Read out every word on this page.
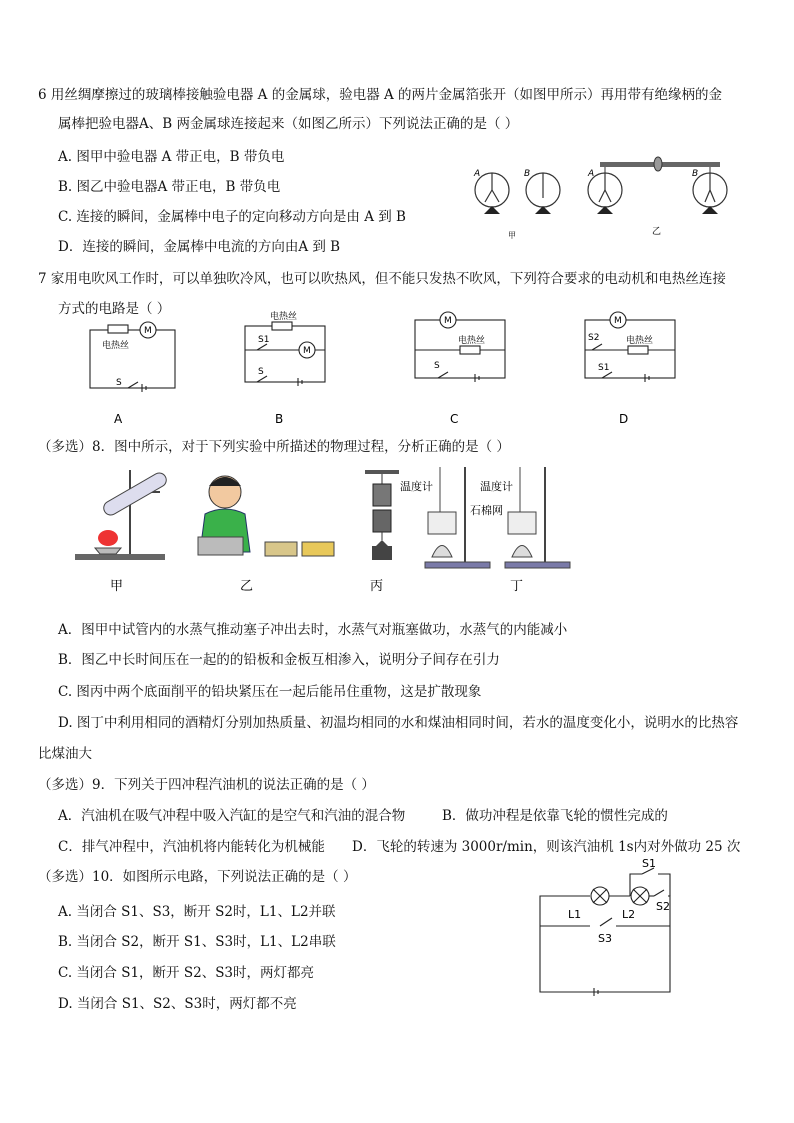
6 用丝绸摩擦过的玻璃棒接触验电器 A 的金属球，验电器 A 的两片金属箔张开（如图甲所示）再用带有绝缘柄的金
属棒把验电器A、B 两金属球连接起来（如图乙所示）下列说法正确的是（ ）
A. 图甲中验电器 A 带正电，B 带负电
B. 图乙中验电器A 带正电，B 带负电
C. 连接的瞬间，金属棒中电子的定向移动方向是由 A 到 B
D．连接的瞬间，金属棒中电流的方向由A 到 B
A	B	A	B
甲	乙
7 家用电吹风工作时，可以单独吹冷风，也可以吹热风，但不能只发热不吹风，下列符合要求的电动机和电热丝连接
方式的电路是（ ）
M
电热丝
S
电热丝
S1
M
S
M
电热丝
S
M
S2	电热丝
S1
A	B	C	D
（多选）8．图中所示，对于下列实验中所描述的物理过程，分析正确的是（ ）
温度计	温度计
石棉网
甲	乙	丙	丁
A．图甲中试管内的水蒸气推动塞子冲出去时，水蒸气对瓶塞做功，水蒸气的内能减小
B．图乙中长时间压在一起的的铅板和金板互相渗入，说明分子间存在引力
C. 图丙中两个底面削平的铅块紧压在一起后能吊住重物，这是扩散现象
D. 图丁中利用相同的酒精灯分别加热质量、初温均相同的水和煤油相同时间，若水的温度变化小，说明水的比热容
比煤油大
（多选）9．下列关于四冲程汽油机的说法正确的是（ ）
A．汽油机在吸气冲程中吸入汽缸的是空气和汽油的混合物	B．做功冲程是依靠飞轮的惯性完成的
C．排气冲程中，汽油机将内能转化为机械能 D．飞轮的转速为 3000r/min，则该汽油机 1s内对外做功 25 次
（多选）10．如图所示电路，下列说法正确的是（ ）
A. 当闭合 S1、S3，断开 S2时，L1、L2并联
B. 当闭合 S2，断开 S1、S3时，L1、L2串联
C. 当闭合 S1，断开 S2、S3时，两灯都亮
D. 当闭合 S1、S2、S3时，两灯都不亮
S1
S2
S3
L1	L2
